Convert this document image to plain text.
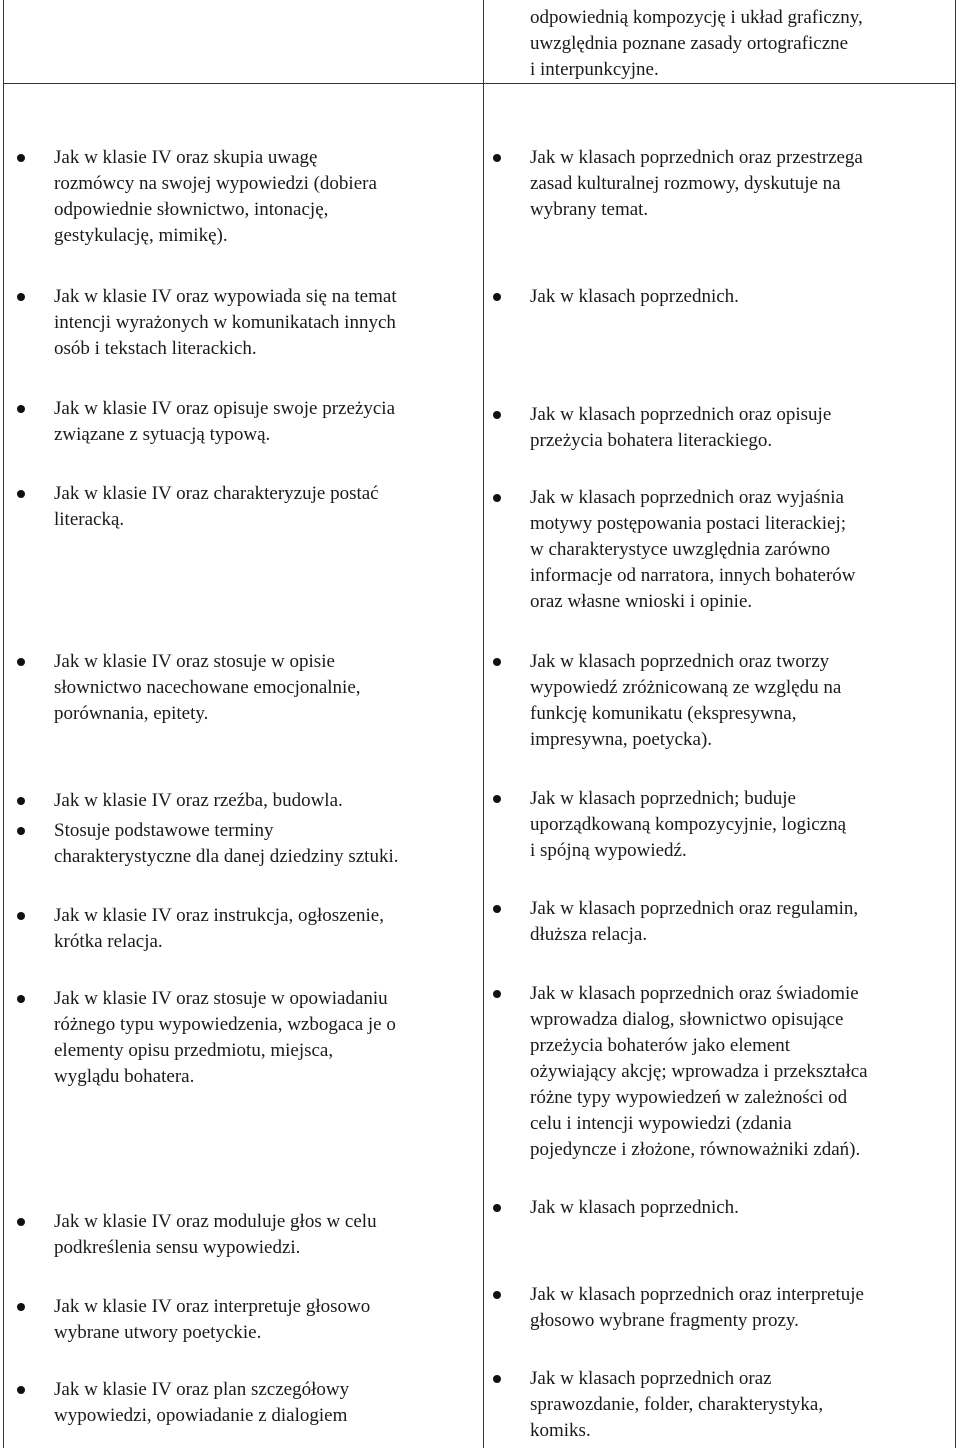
odpowiednią kompozycję i układ graficzny,
uwzględnia poznane zasady ortograficzne
i interpunkcyjne.
Jak w klasie IV oraz skupia uwagę
rozmówcy na swojej wypowiedzi (dobiera
odpowiednie słownictwo, intonację,
gestykulację, mimikę).
Jak w klasie IV oraz wypowiada się na temat
intencji wyrażonych w komunikatach innych
osób i tekstach literackich.
Jak w klasie IV oraz opisuje swoje przeżycia
związane z sytuacją typową.
Jak w klasie IV oraz charakteryzuje postać
literacką.
Jak w klasie IV oraz stosuje w opisie
słownictwo nacechowane emocjonalnie,
porównania, epitety.
Jak w klasie IV oraz rzeźba, budowla.
Stosuje podstawowe terminy
charakterystyczne dla danej dziedziny sztuki.
Jak w klasie IV oraz instrukcja, ogłoszenie,
krótka relacja.
Jak w klasie IV oraz stosuje w opowiadaniu
różnego typu wypowiedzenia, wzbogaca je o
elementy opisu przedmiotu, miejsca,
wyglądu bohatera.
Jak w klasie IV oraz moduluje głos w celu
podkreślenia sensu wypowiedzi.
Jak w klasie IV oraz interpretuje głosowo
wybrane utwory poetyckie.
Jak w klasie IV oraz plan szczegółowy
wypowiedzi, opowiadanie z dialogiem
Jak w klasach poprzednich oraz przestrzega
zasad kulturalnej rozmowy, dyskutuje na
wybrany temat.
Jak w klasach poprzednich.
Jak w klasach poprzednich oraz opisuje
przeżycia bohatera literackiego.
Jak w klasach poprzednich oraz wyjaśnia
motywy postępowania postaci literackiej;
w charakterystyce uwzględnia zarówno
informacje od narratora, innych bohaterów
oraz własne wnioski i opinie.
Jak w klasach poprzednich oraz tworzy
wypowiedź zróżnicowaną ze względu na
funkcję komunikatu (ekspresywna,
impresywna, poetycka).
Jak w klasach poprzednich; buduje
uporządkowaną kompozycyjnie, logiczną
i spójną wypowiedź.
Jak w klasach poprzednich oraz regulamin,
dłuższa relacja.
Jak w klasach poprzednich oraz świadomie
wprowadza dialog, słownictwo opisujące
przeżycia bohaterów jako element
ożywiający akcję; wprowadza i przekształca
różne typy wypowiedzeń w zależności od
celu i intencji wypowiedzi (zdania
pojedyncze i złożone, równoważniki zdań).
Jak w klasach poprzednich.
Jak w klasach poprzednich oraz interpretuje
głosowo wybrane fragmenty prozy.
Jak w klasach poprzednich oraz
sprawozdanie, folder, charakterystyka,
komiks.
